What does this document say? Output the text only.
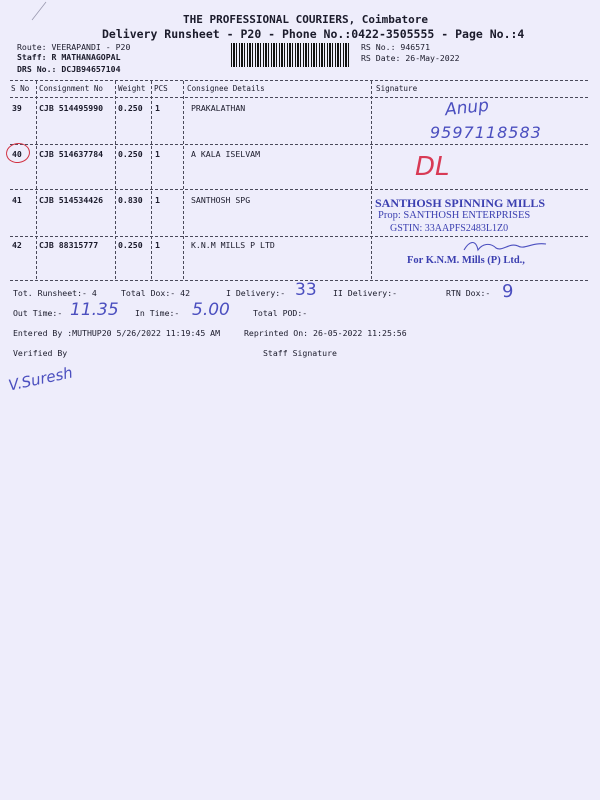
THE PROFESSIONAL COURIERS, Coimbatore
Delivery Runsheet - P20 - Phone No.:0422-3505555 - Page No.:4
Route: VEERAPANDI - P20
Staff: R MATHANAGOPAL
DRS No.: DCJB94657104
RS No.: 946571
RS Date: 26-May-2022
S No Consignment No Weight PCS	Consignee Details	Signature
39 CJB 514495990 0.250 1	PRAKALATHAN	Anup
9597118583
40 CJB 514637784 0.250 1	A KALA ISELVAM	DL
41 CJB 514534426 0.830 1	SANTHOSH SPG	SANTHOSH SPINNING MILLS
Prop: SANTHOSH ENTERPRISES
GSTIN: 33AAPFS2483L1Z0
42 CJB 88315777 0.250 1	K.N.M MILLS P LTD
For K.N.M. Mills (P) Ltd.,
Tot. Runsheet:- 4	Total Dox:- 42	I Delivery:- 33 II Delivery:-	RTN Dox:- 9
Out Time:- 11.35 In Time:- 5.00	Total POD:-
Entered By :MUTHUP20 5/26/2022 11:19:45 AM	Reprinted On: 26-05-2022 11:25:56
Verified By	Staff Signature
V.Suresh
